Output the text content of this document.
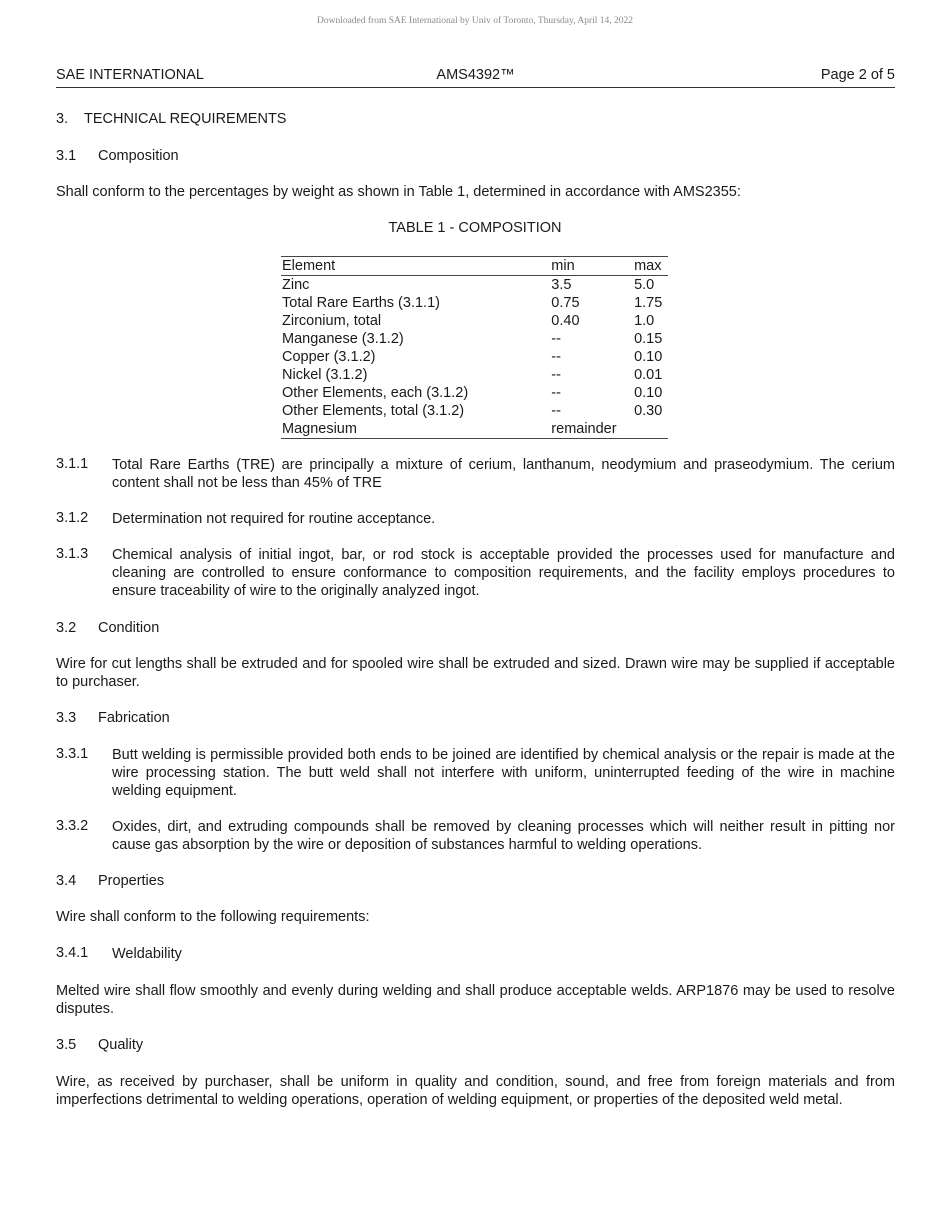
Downloaded from SAE International by Univ of Toronto, Thursday, April 14, 2022
SAE INTERNATIONAL	AMS4392™	Page 2 of 5
3. TECHNICAL REQUIREMENTS
3.1 Composition
Shall conform to the percentages by weight as shown in Table 1, determined in accordance with AMS2355:
TABLE 1 - COMPOSITION
Element	min	max
Zinc	3.5	5.0
Total Rare Earths (3.1.1)	0.75	1.75
Zirconium, total	0.40	1.0
Manganese (3.1.2)	--	0.15
Copper (3.1.2)	--	0.10
Nickel (3.1.2)	--	0.01
Other Elements, each (3.1.2)	--	0.10
Other Elements, total (3.1.2)	--	0.30
Magnesium	remainder	
3.1.1 Total Rare Earths (TRE) are principally a mixture of cerium, lanthanum, neodymium and praseodymium. The cerium content shall not be less than 45% of TRE
3.1.2 Determination not required for routine acceptance.
3.1.3 Chemical analysis of initial ingot, bar, or rod stock is acceptable provided the processes used for manufacture and cleaning are controlled to ensure conformance to composition requirements, and the facility employs procedures to ensure traceability of wire to the originally analyzed ingot.
3.2 Condition
Wire for cut lengths shall be extruded and for spooled wire shall be extruded and sized. Drawn wire may be supplied if acceptable to purchaser.
3.3 Fabrication
3.3.1 Butt welding is permissible provided both ends to be joined are identified by chemical analysis or the repair is made at the wire processing station. The butt weld shall not interfere with uniform, uninterrupted feeding of the wire in machine welding equipment.
3.3.2 Oxides, dirt, and extruding compounds shall be removed by cleaning processes which will neither result in pitting nor cause gas absorption by the wire or deposition of substances harmful to welding operations.
3.4 Properties
Wire shall conform to the following requirements:
3.4.1 Weldability
Melted wire shall flow smoothly and evenly during welding and shall produce acceptable welds. ARP1876 may be used to resolve disputes.
3.5 Quality
Wire, as received by purchaser, shall be uniform in quality and condition, sound, and free from foreign materials and from imperfections detrimental to welding operations, operation of welding equipment, or properties of the deposited weld metal.
